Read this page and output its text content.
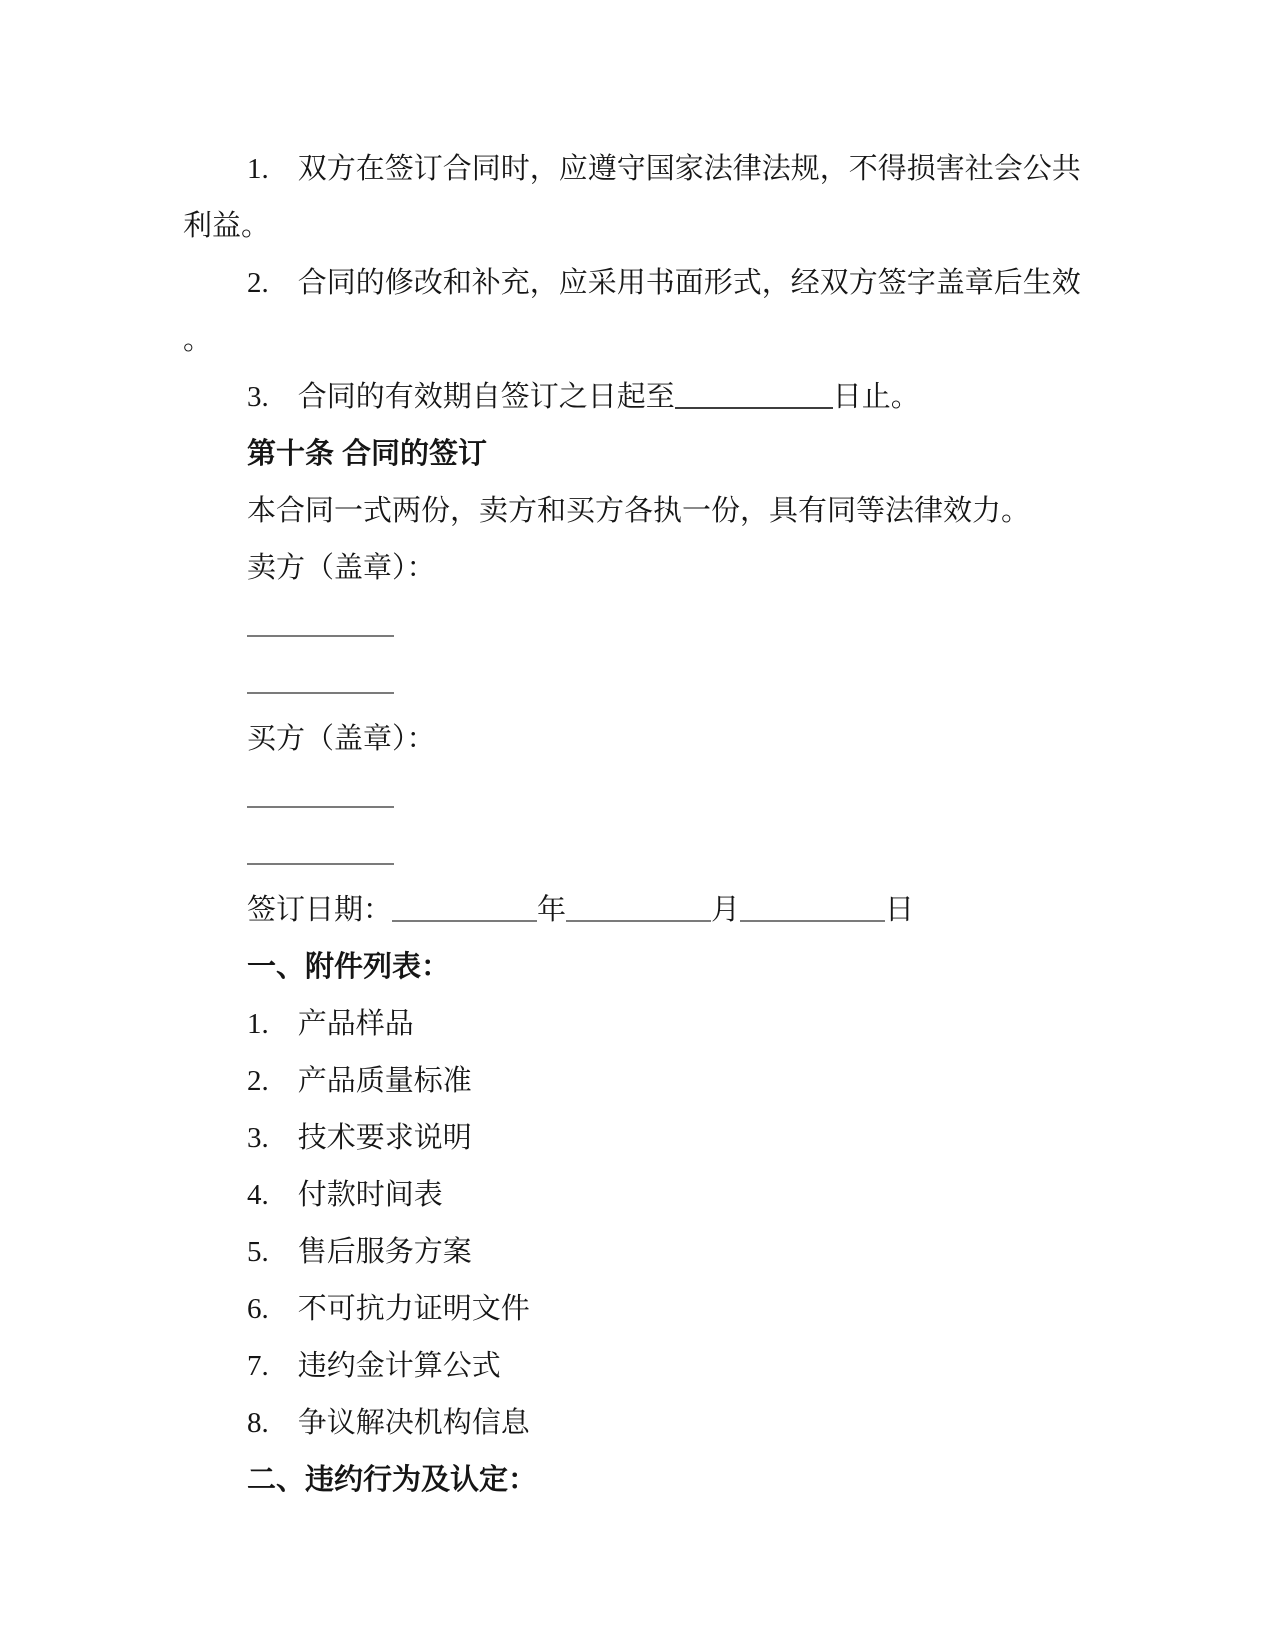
1.　双方在签订合同时，应遵守国家法律法规，不得损害社会公共
利益。
2.　合同的修改和补充，应采用书面形式，经双方签字盖章后生效
。
3.　合同的有效期自签订之日起至	日止。
第十条 合同的签订
本合同一式两份，卖方和买方各执一份，具有同等法律效力。
卖方（盖章）：
买方（盖章）：
签订日期：	年	月	日
一、附件列表：
1.　产品样品
2.　产品质量标准
3.　技术要求说明
4.　付款时间表
5.　售后服务方案
6.　不可抗力证明文件
7.　违约金计算公式
8.　争议解决机构信息
二、违约行为及认定：
